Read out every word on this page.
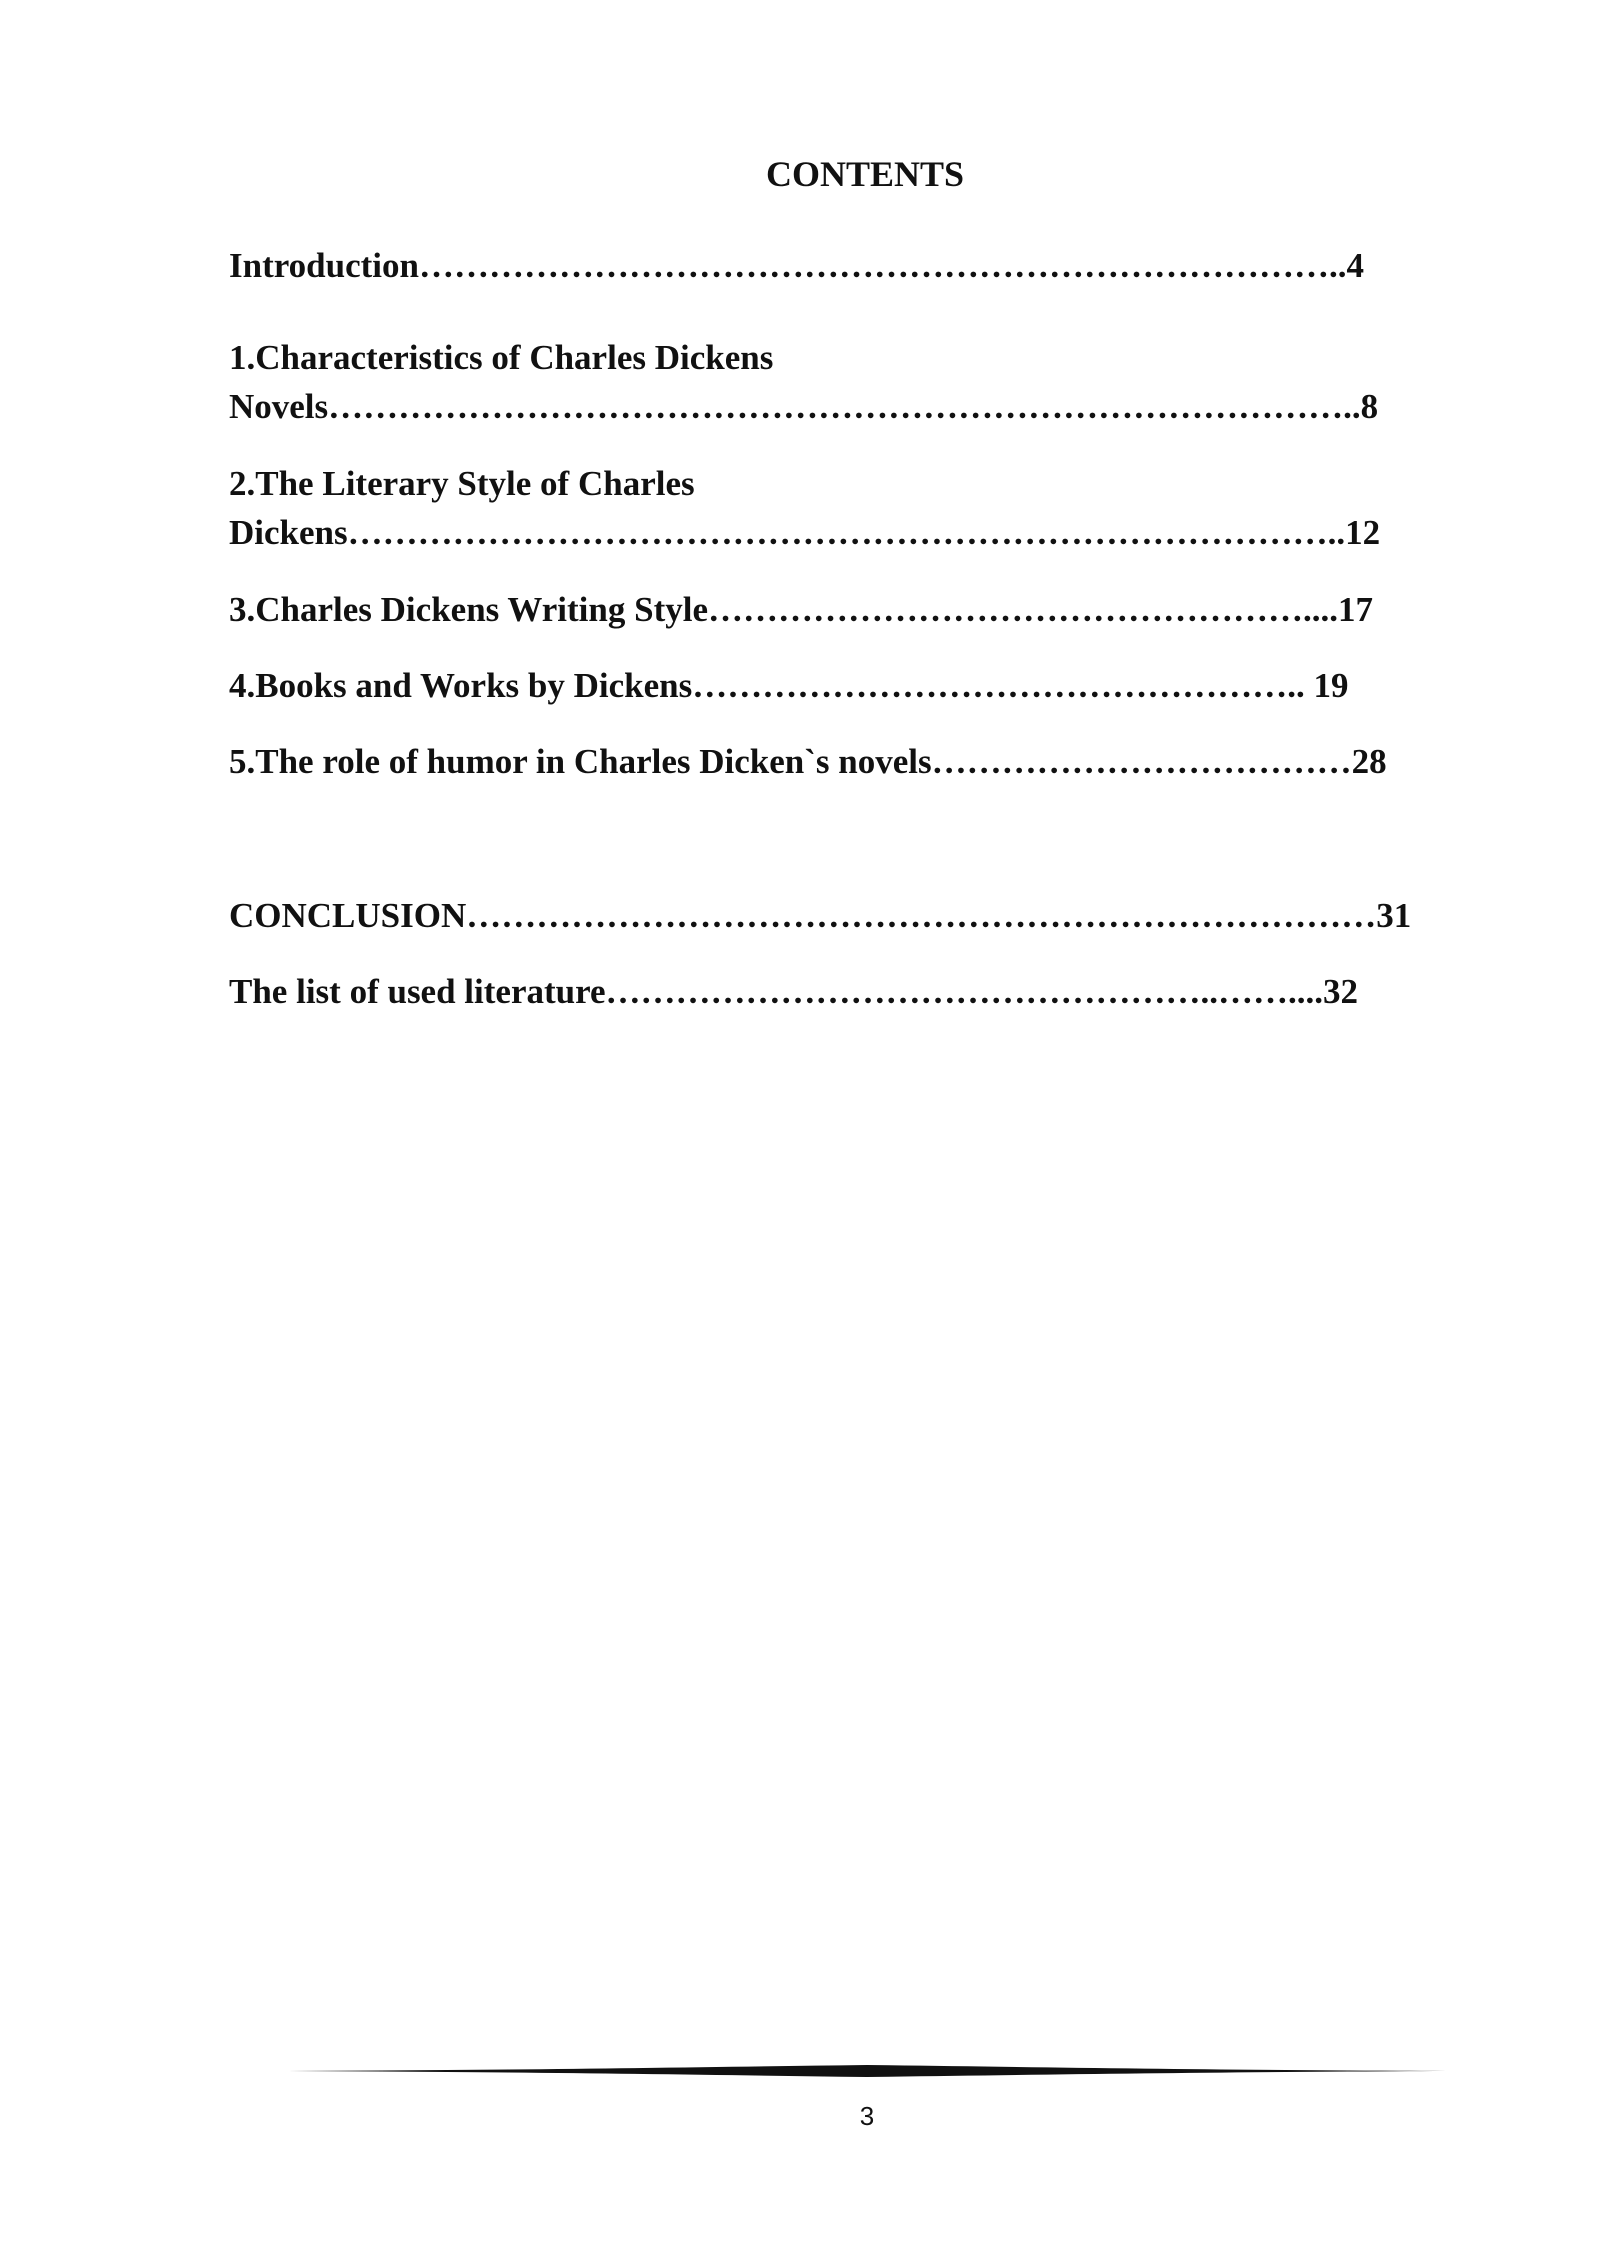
CONTENTS
Introduction……………………………………………………………………..4
1.Characteristics of Charles Dickens
Novels……………………………………………………………………………..8
2.The Literary Style of Charles
Dickens…………………………………………………………………………..12
3.Charles Dickens Writing Style……………………………………………....17
4.Books and Works by Dickens…………………………………………….. 19
5.The role of humor in Charles Dicken`s novels………………………………28
CONCLUSION……………………………………………………………………31
The list of used literature……………………………………………..……....32
3
